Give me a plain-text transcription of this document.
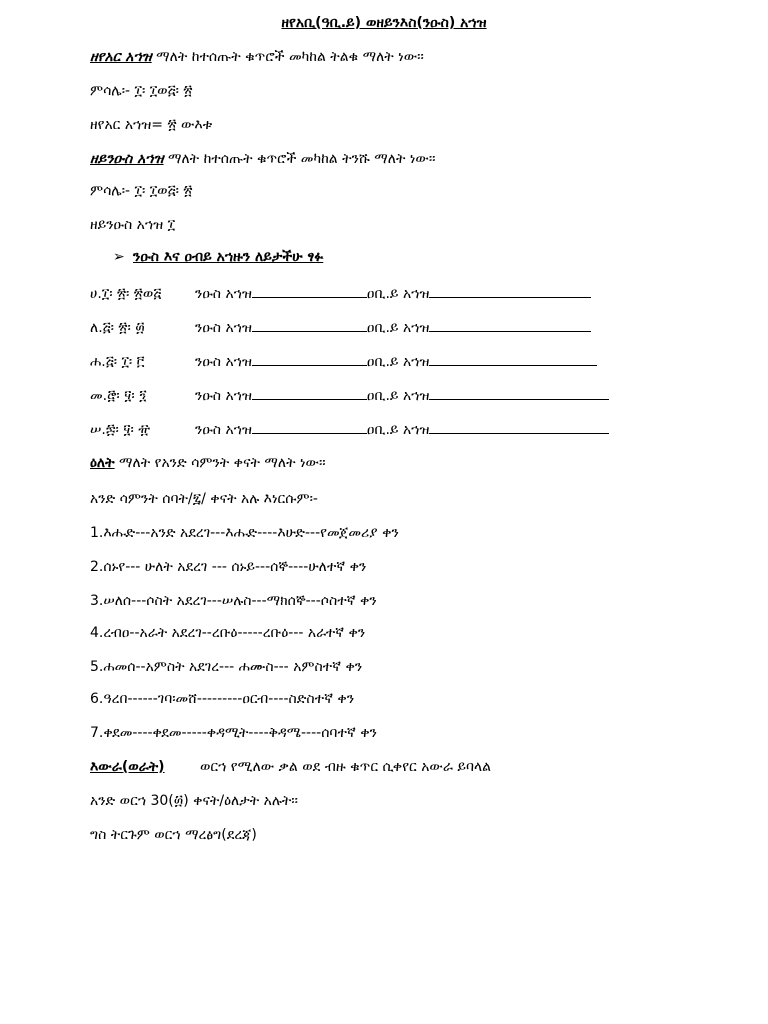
ዘየአቢ(ዓቢ.ይ) ወዘይንእስ(ንዑስ) አኀዝ
ዘየአር አኀዝ ማለት ከተሰጡት ቁጥሮች መካከል ትልቁ ማለት ነው፡፡
ምሳሌ፡- ፲፡ ፲ወ፭፡ ፳
ዘየአር አኀዝ= ፳ ውእቱ
ዘይንዑስ አኀዝ ማለት ከተሰጡት ቁጥሮች መካከል ትንሹ ማለት ነው፡፡
ምሳሌ፡- ፲፡ ፲ወ፭፡ ፳
ዘይንዑስ አኀዝ ፲
➢ ንዑስ እና ዐብይ አኀዙን ለይታችሁ ፃፉ
ሀ.፲፡ ፳፡ ፳ወ፭ ንዑስ አኀዝ	ዐቢ.ይ አኀዝ
ለ.፭፡ ፳፡ ፴	ንዑስ አኀዝ	ዐቢ.ይ አኀዝ
ሐ.፭፡ ፲፡ ፫	ንዑስ አኀዝ	ዐቢ.ይ አኀዝ
መ.፸፡ ፶፡ ፺	ንዑስ አኀዝ	ዐቢ.ይ አኀዝ
ሠ.፷፡ ፶፡ ፹	ንዑስ አኀዝ	ዐቢ.ይ አኀዝ
ዕለት ማለት የአንድ ሳምንት ቀናት ማለት ነው፡፡
አንድ ሳምንት ሰባት/፯/ ቀናት አሉ እነርሱም፡-
1.እሑድ---አንድ አደረገ---እሑድ----እሁድ---የመጀመሪያ ቀን
2.ሰኑየ--- ሁለት አደረገ --- ሰኑይ---ሰኞ----ሁለተኛ ቀን
3.ሠለሰ---ሶስት አደረገ---ሠሉስ---ማክሰኞ---ሶስተኛ ቀን
4.ረብዐ--አራት አደረገ--ረቡዕ-----ረቡዕ--- አራተኛ ቀን
5.ሐመሰ--አምስት አደገረ--- ሐሙስ--- አምስተኛ ቀን
6.ዓረበ------ገባ፡መሸ---------ዐርብ----ስድስተኛ ቀን
7.ቀደመ----ቀደመ-----ቀዳሚት----ቅዳሜ----ሰባተኛ ቀን
እውራ(ወራት)	ወርኀ የሚለው ቃል ወደ ብዙ ቁጥር ሲቀየር አውራ ይባላል
አንድ ወርኀ 30(፴) ቀናት/ዕለታት አሉት፡፡
ግስ ትርጉም ወርኀ ማረፅግ(ደረጃ)
